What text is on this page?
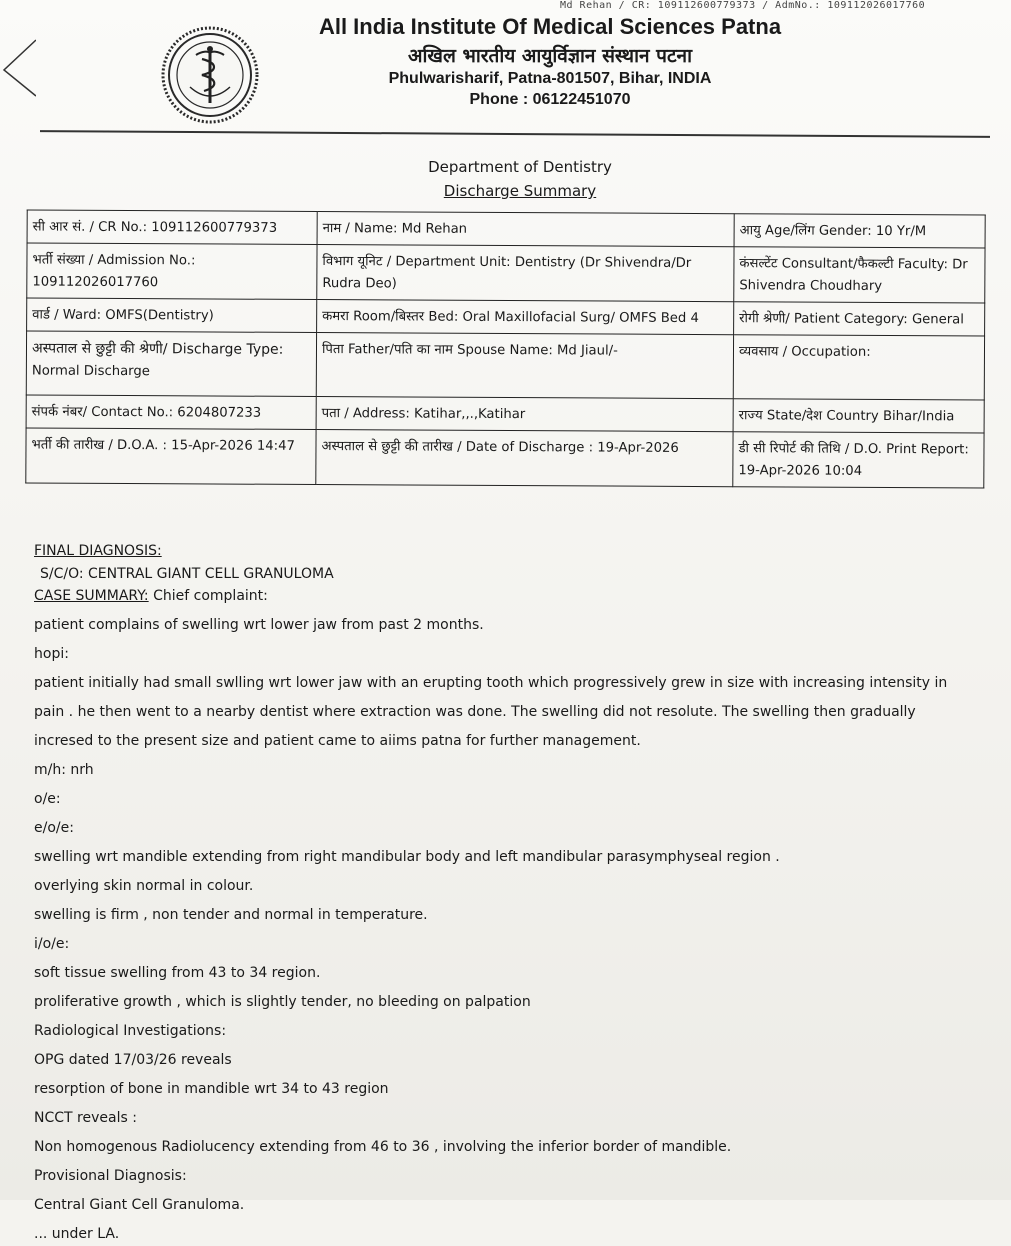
Md Rehan / CR: 109112600779373 / AdmNo.: 109112026017760
All India Institute Of Medical Sciences Patna
अखिल भारतीय आयुर्विज्ञान संस्थान पटना
Phulwarisharif, Patna-801507, Bihar, INDIA
Phone : 06122451070
Department of Dentistry
Discharge Summary
सी आर सं. / CR No.: 109112600779373	नाम / Name: Md Rehan	आयु Age/लिंग Gender: 10 Yr/M
भर्ती संख्या / Admission No.:
109112026017760	विभाग यूनिट / Department Unit: Dentistry (Dr Shivendra/Dr Rudra Deo)	कंसल्टेंट Consultant/फैकल्टी Faculty: Dr Shivendra Choudhary
वार्ड / Ward: OMFS(Dentistry)	कमरा Room/बिस्तर Bed: Oral Maxillofacial Surg/ OMFS Bed 4	रोगी श्रेणी/ Patient Category: General
अस्पताल से छुट्टी की श्रेणी/ Discharge Type: Normal Discharge	पिता Father/पति का नाम Spouse Name: Md Jiaul/-	व्यवसाय / Occupation:
संपर्क नंबर/ Contact No.: 6204807233	पता / Address: Katihar,,.,Katihar	राज्य State/देश Country Bihar/India
भर्ती की तारीख / D.O.A. : 15-Apr-2026 14:47	अस्पताल से छुट्टी की तारीख / Date of Discharge : 19-Apr-2026	डी सी रिपोर्ट की तिथि / D.O. Print Report:
19-Apr-2026 10:04
FINAL DIAGNOSIS:
S/C/O: CENTRAL GIANT CELL GRANULOMA
CASE SUMMARY: Chief complaint:
patient complains of swelling wrt lower jaw from past 2 months.
hopi:
patient initially had small swlling wrt lower jaw with an erupting tooth which progressively grew in size with increasing intensity in
pain . he then went to a nearby dentist where extraction was done. The swelling did not resolute. The swelling then gradually
incresed to the present size and patient came to aiims patna for further management.
m/h: nrh
o/e:
e/o/e:
swelling wrt mandible extending from right mandibular body and left mandibular parasymphyseal region .
overlying skin normal in colour.
swelling is firm , non tender and normal in temperature.
i/o/e:
soft tissue swelling from 43 to 34 region.
proliferative growth , which is slightly tender, no bleeding on palpation
Radiological Investigations:
OPG dated 17/03/26 reveals
resorption of bone in mandible wrt 34 to 43 region
NCCT reveals :
Non homogenous Radiolucency extending from 46 to 36 , involving the inferior border of mandible.
Provisional Diagnosis:
Central Giant Cell Granuloma.
... under LA.
